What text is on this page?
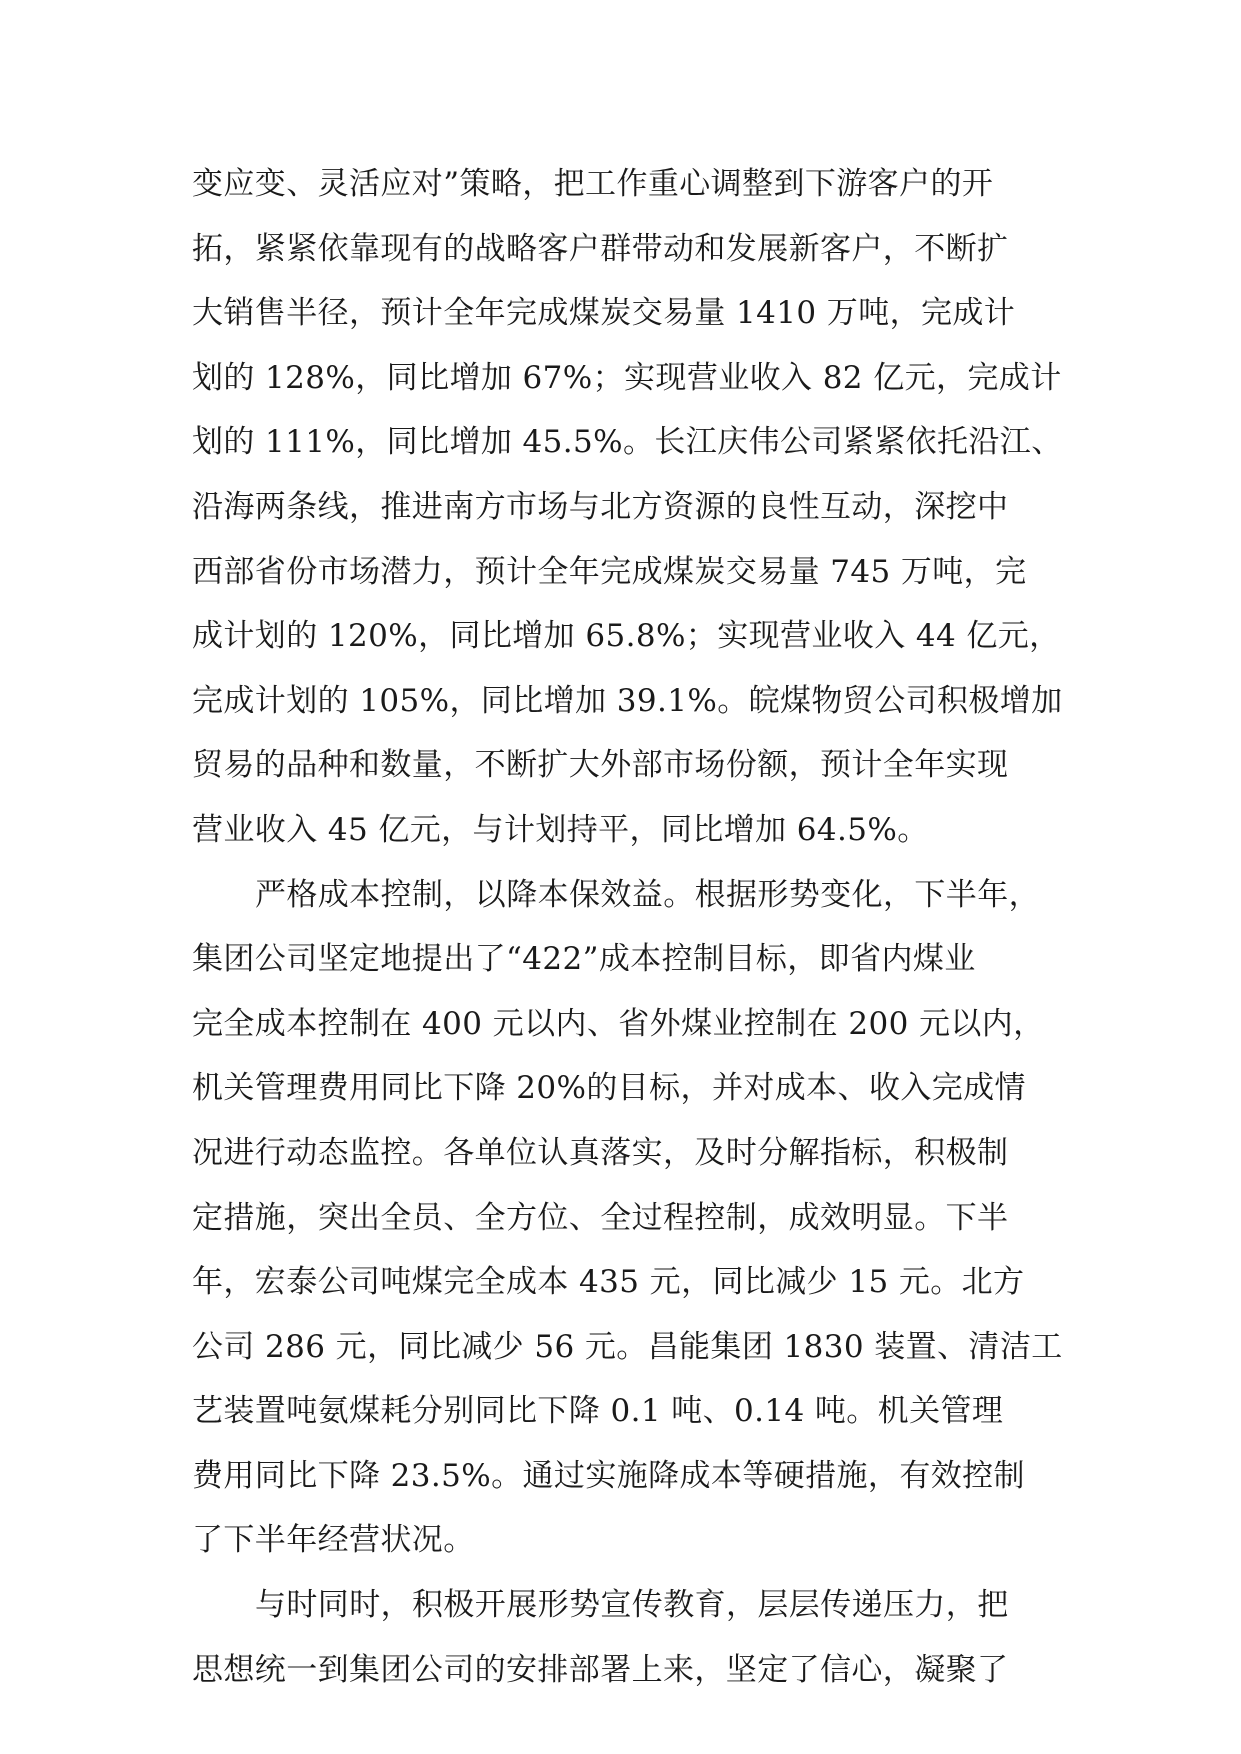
变应变、灵活应对”策略，把工作重心调整到下游客户的开
拓，紧紧依靠现有的战略客户群带动和发展新客户，不断扩
大销售半径，预计全年完成煤炭交易量 1410 万吨，完成计
划的 128%，同比增加 67%；实现营业收入 82 亿元，完成计
划的 111%，同比增加 45.5%。长江庆伟公司紧紧依托沿江、
沿海两条线，推进南方市场与北方资源的良性互动，深挖中
西部省份市场潜力，预计全年完成煤炭交易量 745 万吨，完
成计划的 120%，同比增加 65.8%；实现营业收入 44 亿元，
完成计划的 105%，同比增加 39.1%。皖煤物贸公司积极增加
贸易的品种和数量，不断扩大外部市场份额，预计全年实现
营业收入 45 亿元，与计划持平，同比增加 64.5%。
严格成本控制，以降本保效益。根据形势变化，下半年，
集团公司坚定地提出了“422”成本控制目标，即省内煤业
完全成本控制在 400 元以内、省外煤业控制在 200 元以内，
机关管理费用同比下降 20%的目标，并对成本、收入完成情
况进行动态监控。各单位认真落实，及时分解指标，积极制
定措施，突出全员、全方位、全过程控制，成效明显。下半
年，宏泰公司吨煤完全成本 435 元，同比减少 15 元。北方
公司 286 元，同比减少 56 元。昌能集团 1830 装置、清洁工
艺装置吨氨煤耗分别同比下降 0.1 吨、0.14 吨。机关管理
费用同比下降 23.5%。通过实施降成本等硬措施，有效控制
了下半年经营状况。
与时同时，积极开展形势宣传教育，层层传递压力，把
思想统一到集团公司的安排部署上来，坚定了信心，凝聚了
